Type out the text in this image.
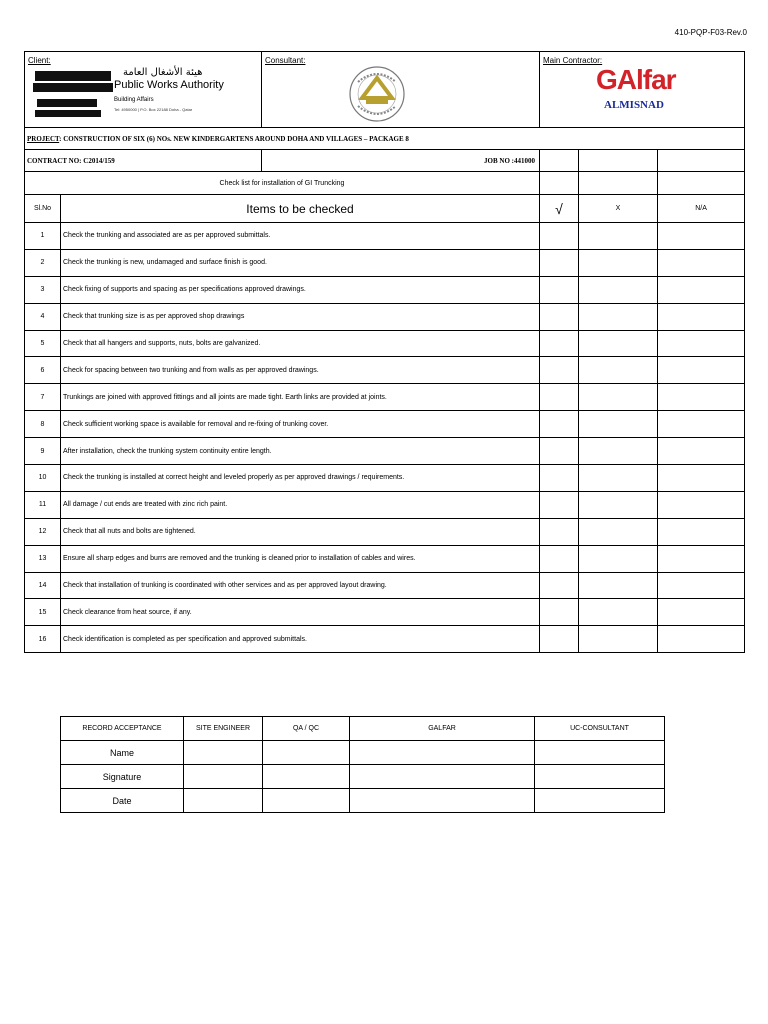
410-PQP-F03-Rev.0
Client:
هيئة الأشغال العامة
Public Works Authority
Building Affairs
Tel: 4950000 | P.O. Box 22188 Doha - Qatar		Consultant:	Main Contractor:
GAlfar
ALMISNAD		

PROJECT: CONSTRUCTION OF SIX (6) NOs. NEW KINDERGARTENS AROUND DOHA AND VILLAGES – PACKAGE 8					
CONTRACT NO: C2014/159		JOB NO :441000			
Check list for installation of GI Truncking					
Sl.No	Items to be checked		√	X	N/A
1	Check the trunking and associated are as per approved submittals.				
2	Check the trunking is new, undamaged and surface finish is good.				
3	Check fixing of supports and spacing as per specifications approved drawings.				
4	Check that trunking size is as per approved shop drawings				
5	Check that all hangers and supports, nuts, bolts are galvanized.				
6	Check for spacing between two trunking and from walls as per approved drawings.				
7	Trunkings are joined with approved fittings and all joints are made tight. Earth links are provided at joints.				
8	Check sufficient working space is available for removal and re-fixing of trunking cover.				
9	After installation, check the trunking system continuity entire length.				
10	Check the trunking is installed at correct height and leveled properly as per approved drawings / requirements.				
11	All damage / cut ends are treated with zinc rich paint.				
12	Check that all nuts and bolts are tightened.				
13	Ensure all sharp edges and burrs are removed and the trunking is cleaned prior to installation of cables and wires.				
14	Check that installation of trunking is coordinated with other services and as per approved layout drawing.				
15	Check clearance from heat source, if any.				
16	Check identification is completed as per specification and approved submittals.				
RECORD ACCEPTANCE	SITE ENGINEER	QA / QC	GALFAR	UC-CONSULTANT
Name				
Signature				
Date				
